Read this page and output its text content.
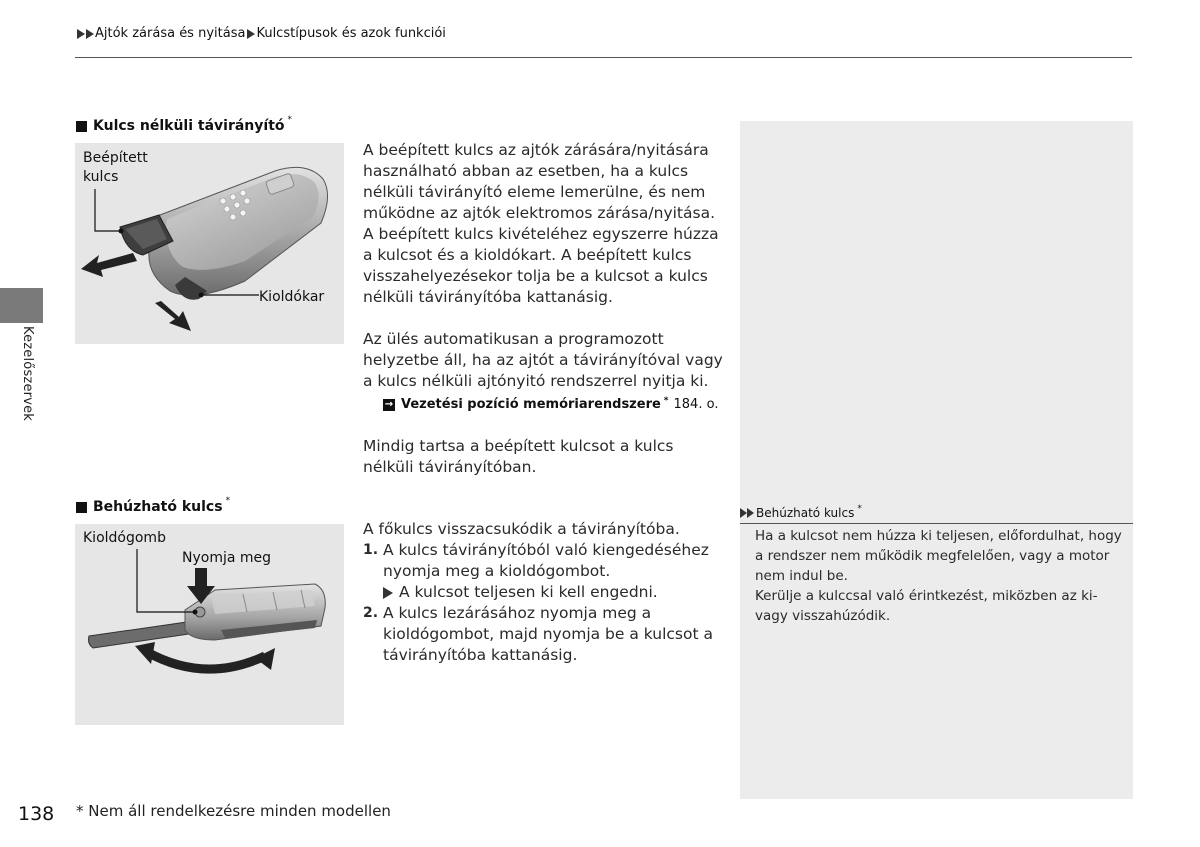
Ajtók zárása és nyitása Kulcstípusok és azok funkciói
Kezelőszervek
Kulcs nélküli távirányító *
Beépített
kulcs
Kioldókar

A beépített kulcs az ajtók zárására/nyitására használható abban az esetben, ha a kulcs nélküli távirányító eleme lemerülne, és nem működne az ajtók elektromos zárása/nyitása.

A beépített kulcs kivételéhez egyszerre húzza a kulcsot és a kioldókart. A beépített kulcs visszahelyezésekor tolja be a kulcsot a kulcs nélküli távirányítóba kattanásig.

Az ülés automatikusan a programozott helyzetbe áll, ha az ajtót a távirányítóval vagy a kulcs nélküli ajtónyitó rendszerrel nyitja ki.

→ Vezetési pozíció memóriarendszere * 184. o.

Mindig tartsa a beépített kulcsot a kulcs nélküli távirányítóban.

Behúzható kulcs *
Kioldógomb
Nyomja meg

A főkulcs visszacsukódik a távirányítóba.

1. A kulcs távirányítóból való kiengedéséhez nyomja meg a kioldógombot.
A kulcsot teljesen ki kell engedni.
2. A kulcs lezárásához nyomja meg a kioldógombot, majd nyomja be a kulcsot a távirányítóba kattanásig.
Behúzható kulcs *

Ha a kulcsot nem húzza ki teljesen, előfordulhat, hogy a rendszer nem működik megfelelően, vagy a motor nem indul be.

Kerülje a kulccsal való érintkezést, miközben az ki- vagy visszahúzódik.

138 * Nem áll rendelkezésre minden modellen
